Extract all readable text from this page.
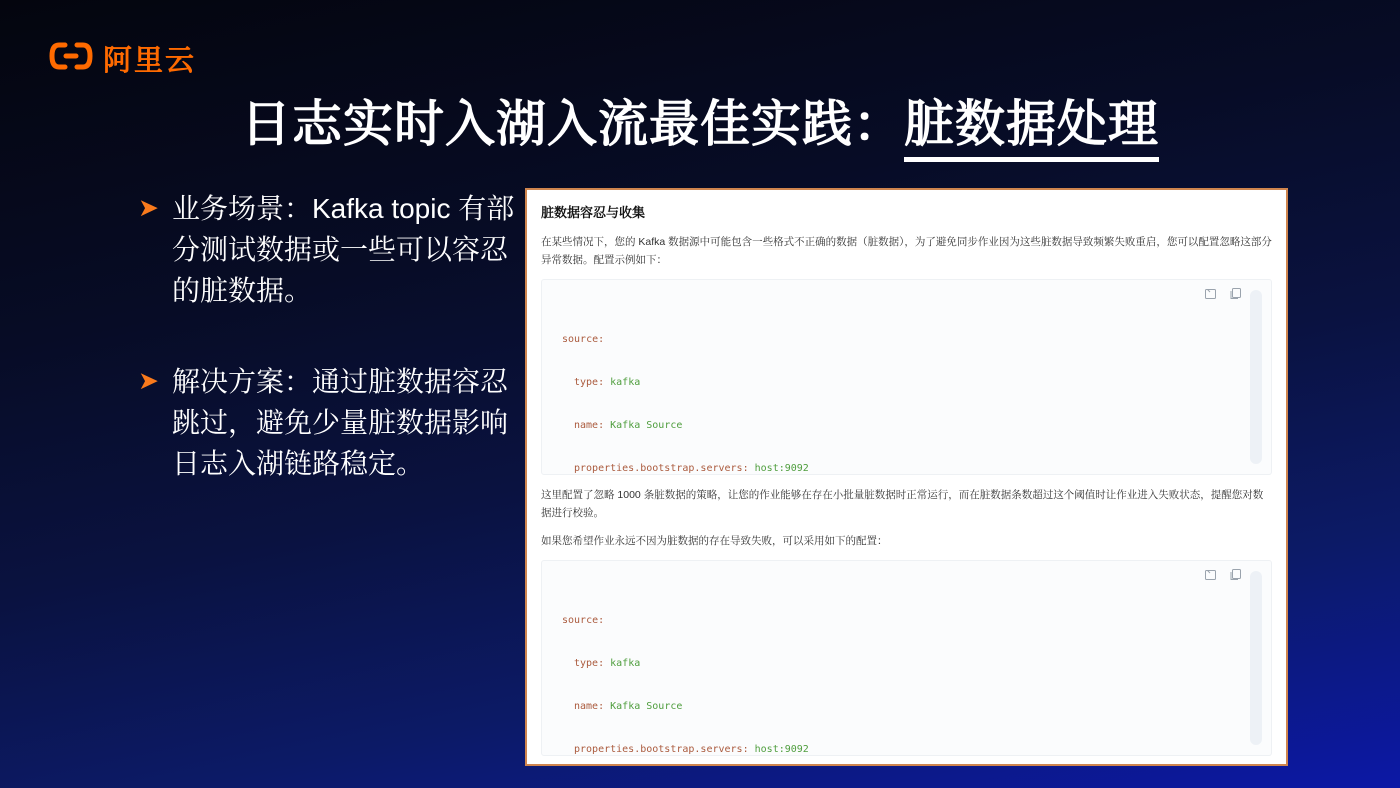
阿里云
日志实时入湖入流最佳实践：脏数据处理
➤ 业务场景：Kafka topic 有部分测试数据或一些可以容忍的脏数据。
➤ 解决方案：通过脏数据容忍跳过，避免少量脏数据影响日志入湖链路稳定。
脏数据容忍与收集
在某些情况下，您的 Kafka 数据源中可能包含一些格式不正确的数据（脏数据），为了避免同步作业因为这些脏数据导致频繁失败重启，您可以配置忽略这部分异常数据。配置示例如下：

source:

type: kafka

name: Kafka Source

properties.bootstrap.servers: host:9092

这里配置了忽略 1000 条脏数据的策略，让您的作业能够在存在小批量脏数据时正常运行，而在脏数据条数超过这个阈值时让作业进入失败状态，提醒您对数据进行校验。
如果您希望作业永远不因为脏数据的存在导致失败，可以采用如下的配置：

source:

type: kafka

name: Kafka Source

properties.bootstrap.servers: host:9092
